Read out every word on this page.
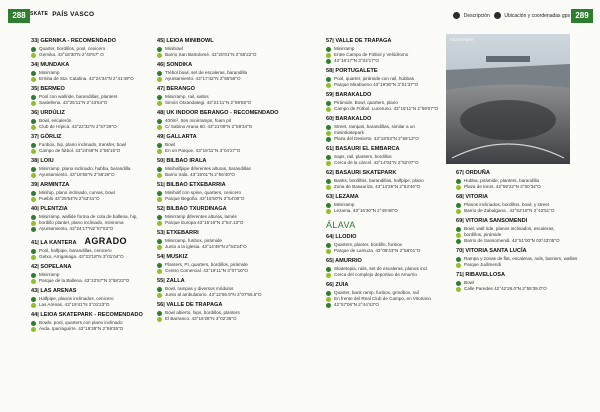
288 SKATE PAÍS VASCO
33| GERNIKA - RECOMENDADO
Quarter, bordillos, pool, cenicero
Gernika. 43°18'30"N 2°40'57" O
34| MUNDAKA
Minirramp
Ermita de Sta. Catalina. 43°24'34"N 2°41'49"O
35| BERMEO
Pool con wallride, barandillas, planters
Sasiellena. 43°25'11"N 2°43'54"O
36| URDÚLIZ
Bowl, escalerón
Club de Hípica. 43°22'32"N 2°57'29"O
37| GÓRLIZ
Funbox, hip, plano inclinado, transfer, bowl
Campo de fútbol. 43°24'59"N 2°56'15"O
38| LOIU
Minirramp, plano inclinado, hubba, barandilla
Ayuntamiento. 43°16'55"N 2°56'26"O
39| ARMINTZA
Minihip, plano inclinado, curvas, bowl
Pueblo 43°25'54"N 2°53'41"O
40| PLENTZIA
Minirramp, wallide forma de cola de ballena, hip,
bordillo planter, plano inclinado, miniroma
Ayuntamiento. 43°24'17"N2°57'03"O
41| LA KANTERA AGRADO
Pool, halfpipe, barandillas, cenicero
Getxo, Arriganaga. 43°23'18"N 3°01'04"O
42| SOPELANA
Minirramp
Parque de la Ballena. 43°22'57"N 2°58'23"O
43| LAS ARENAS
Halfpipe, planos inclinados, cenicero
Las Arenas. 43°19'41"N 3°01'23"O
44| LEIOA SKATEPARK - RECOMENDADO
Bowls, pool, quarters con plano inclinado
Avda. Iparraguirre. 43°19'38"N 2°59'35"O
45| LEIOA MINIBOWL
Minibowl
Barrio San Bartolomé. 43°20'01"N 2°58'22"O
46| SONDIKA
Trébol bowl, set de escaleras, barandilla
Ayuntamiento. 43°17'42"N 2°55'55"O
47| BERANGO
Minirramp, rail, saltos
Simón Otxandategi. 43°21'11"N 2°59'55"O
48| UK INDOOR BERANGO - RECOMENDADO
400m², tres minirramps, foam pit
C/ Sabino Arana 60. 43°21'09"N 2°59'34"O
49| GALLARTA
Bowl
En un Parque. 43°19'11"N 3°04'27"O
50| BILBAO IRALA
Minihalfpipe diferentes alturas, barandillas
Barrio Irala. 43°15'01"N 2°56'40"O
51| BILBAO ETXEBARRIA
Minihalf con spine, quarters, cenicero
Parque Begoña. 43°15'50"N 2°54'06"O
52| BILBAO TXURDINAGA
Minirramp diferentes alturas, lamés
Parque Europa 43°15'19"N 2°54'.13"O
53| ETXEBARRI
Minirramp, funbox, pirámide
Junto a la iglesia. 43°14'49"N 2°53'24"O
54| MUSKIZ
Planters, PI, quarters, bordillos, pirámide
Centro Comercial. 43°19'11"N 3°07'10"O
55| ZALLA
Bowl, rampas y diversos módulos
Junto al ambulatorio. 43°12'55.9"N 3°07'55.5"O
56| VALLE DE TRAPAGA
Bowl abierto, hips, bordillos, planters
El Barranco. 43°16'28"N 3°02'35"O
Descripción	Ubicación y coordenadas gps 289
SKATEPARK
57| VALLE DE TRAPAGA
Minirramp
Entre Campo de Fútbol y Velódromo
43°18'17"N 3°02'17"O
58| PORTUGALETE
Pool, quarter, pirámide con rail, hubbas
Parque Mirabueno 43°19'30"N 3°01'37"O
59| BARAKALDO
Pirámide. Bowl, quarters, plano
Campo de Fútbol. Luceruno. 43°18'11"N 2°59'07"O
60| BARAKALDO
Street, rampas, barandillas, similar a un
minirskatepark
Plaza del Desierto. 43°18'03"N 2°59'13"O
61| BASAURI EL EMBARCA
Saps, rail, planters, bordillos
Cerca de la cárcel. 43°14'04"N 2°52'07"O
62| BASAURI SKATEPARK
Banks, bordillos, barandillas, halfpipe, plano
Zona de Basauriza. 43°14'35"N 2°53'46"O
63| LEZAMA
Minirramp
Lezama. 43°16'30"N 2°49'48"O
ÁLAVA
64| LLODIO
Quarters, planter, bordillo, funbox
Parque de Lamuza. 43°08'43"N 2°58'01"O
65| AMURRIO
Skatetopia, rails, set de escaleras, planos incl.
Cerca del complejo deportivo de Amurrio
66| ZUIA
Quarter, bank ramp, funbox, grindbox, rail
En frente del Real Club de Campo, en Vitoriano
42°57'06"N 2°44'43"O
67| ORDUÑA
Hubba, pirámide, planters, barandilla
Plaza de toros. 42°59'22"N 3°00'34"O
68| VITORIA
Planos inclinados, bordillos, bowl, y street
Barrio de Zabalgana . 42°52'16"N 2°42'51"O
69| VITORIA SANSOMENDI
Bowl, wall ride, planos inclinados, escaleras,
bordillos, pirámide
Barrio de Sansomendi. 42°51'00"N 02°43'05"O
70| VITORIA SANTA LUCÍA
Rampa y zonas de flat, escaleras, rails, barriers, wallies
Parque Judimendi
71| RIBAVELLOSA
Bowl
Calle Paredes 42°42'26.0"N 2°55'39.0"O
